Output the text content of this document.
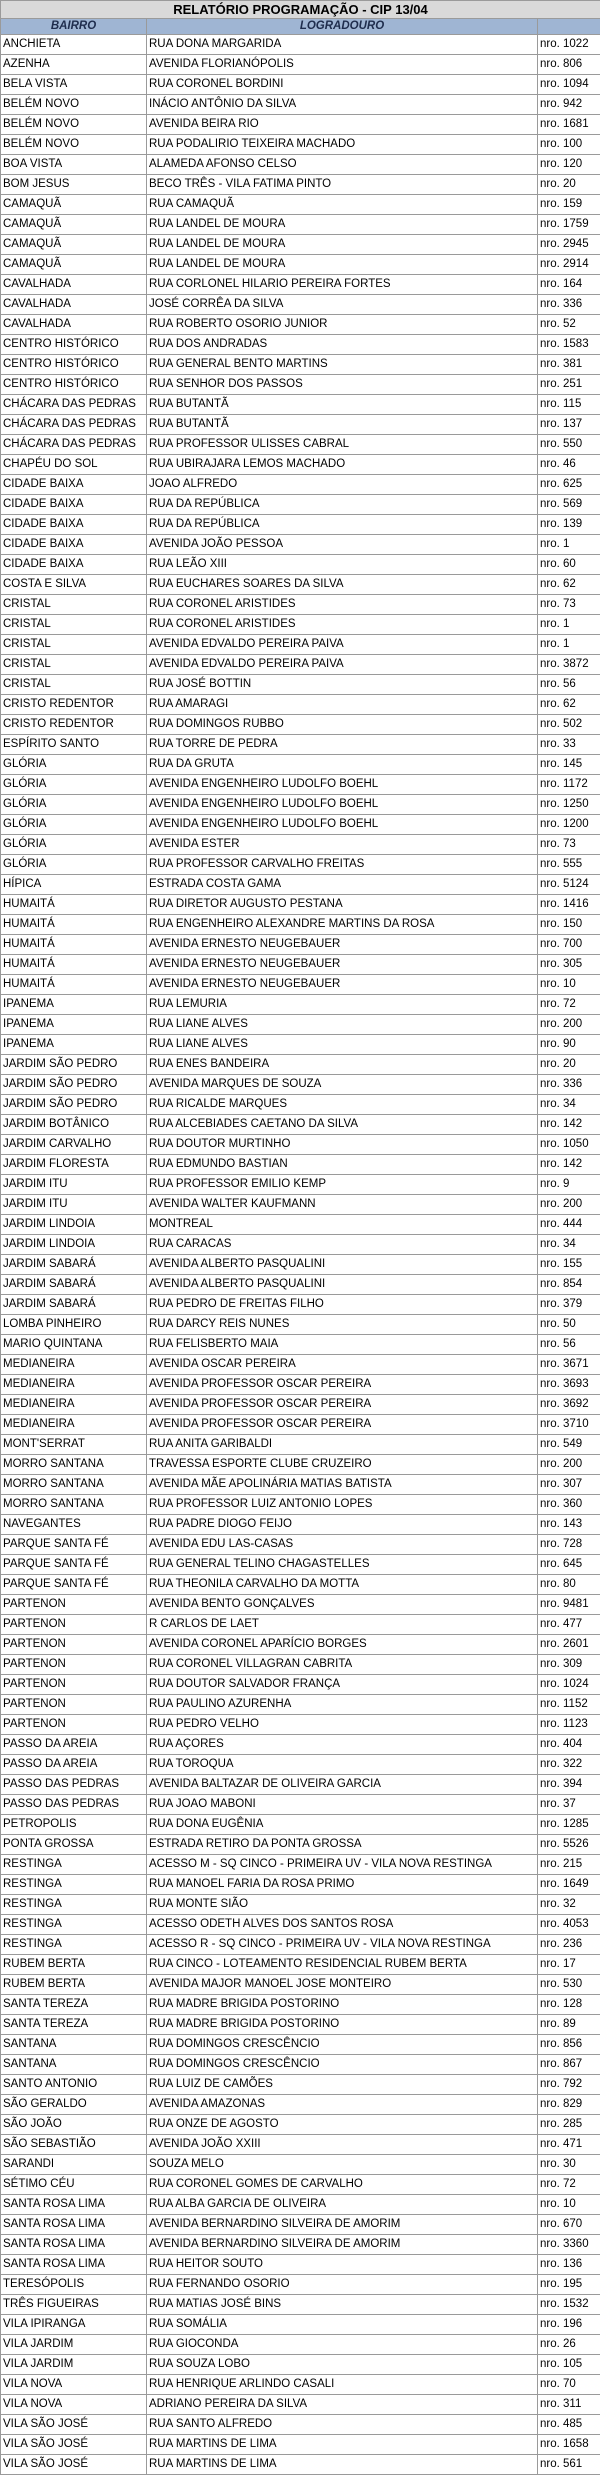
RELATÓRIO PROGRAMAÇÃO - CIP 13/04		
BAIRRO	LOGRADOURO	
ANCHIETA	RUA DONA MARGARIDA	nro. 1022
AZENHA	AVENIDA FLORIANÓPOLIS	nro. 806
BELA VISTA	RUA CORONEL BORDINI	nro. 1094
BELÉM NOVO	INÁCIO ANTÔNIO DA SILVA	nro. 942
BELÉM NOVO	AVENIDA BEIRA RIO	nro. 1681
BELÉM NOVO	RUA PODALIRIO TEIXEIRA MACHADO	nro. 100
BOA VISTA	ALAMEDA AFONSO CELSO	nro. 120
BOM JESUS	BECO TRÊS - VILA FATIMA PINTO	nro. 20
CAMAQUÃ	RUA CAMAQUÃ	nro. 159
CAMAQUÃ	RUA LANDEL DE MOURA	nro. 1759
CAMAQUÃ	RUA LANDEL DE MOURA	nro. 2945
CAMAQUÃ	RUA LANDEL DE MOURA	nro. 2914
CAVALHADA	RUA CORLONEL HILARIO PEREIRA FORTES	nro. 164
CAVALHADA	JOSÉ CORRÊA DA SILVA	nro. 336
CAVALHADA	RUA ROBERTO OSORIO JUNIOR	nro. 52
CENTRO HISTÓRICO	RUA DOS ANDRADAS	nro. 1583
CENTRO HISTÓRICO	RUA GENERAL BENTO MARTINS	nro. 381
CENTRO HISTÓRICO	RUA SENHOR DOS PASSOS	nro. 251
CHÁCARA DAS PEDRAS	RUA BUTANTÃ	nro. 115
CHÁCARA DAS PEDRAS	RUA BUTANTÃ	nro. 137
CHÁCARA DAS PEDRAS	RUA PROFESSOR ULISSES CABRAL	nro. 550
CHAPÉU DO SOL	RUA UBIRAJARA LEMOS MACHADO	nro. 46
CIDADE BAIXA	JOAO ALFREDO	nro. 625
CIDADE BAIXA	RUA DA REPÚBLICA	nro. 569
CIDADE BAIXA	RUA DA REPÚBLICA	nro. 139
CIDADE BAIXA	AVENIDA JOÃO PESSOA	nro. 1
CIDADE BAIXA	RUA LEÃO XIII	nro. 60
COSTA E SILVA	RUA EUCHARES SOARES DA SILVA	nro. 62
CRISTAL	RUA CORONEL ARISTIDES	nro. 73
CRISTAL	RUA CORONEL ARISTIDES	nro. 1
CRISTAL	AVENIDA EDVALDO PEREIRA PAIVA	nro. 1
CRISTAL	AVENIDA EDVALDO PEREIRA PAIVA	nro. 3872
CRISTAL	RUA JOSÉ BOTTIN	nro. 56
CRISTO REDENTOR	RUA AMARAGI	nro. 62
CRISTO REDENTOR	RUA DOMINGOS RUBBO	nro. 502
ESPÍRITO SANTO	RUA TORRE DE PEDRA	nro. 33
GLÓRIA	RUA DA GRUTA	nro. 145
GLÓRIA	AVENIDA ENGENHEIRO LUDOLFO BOEHL	nro. 1172
GLÓRIA	AVENIDA ENGENHEIRO LUDOLFO BOEHL	nro. 1250
GLÓRIA	AVENIDA ENGENHEIRO LUDOLFO BOEHL	nro. 1200
GLÓRIA	AVENIDA ESTER	nro. 73
GLÓRIA	RUA PROFESSOR CARVALHO FREITAS	nro. 555
HÍPICA	ESTRADA COSTA GAMA	nro. 5124
HUMAITÁ	RUA DIRETOR AUGUSTO PESTANA	nro. 1416
HUMAITÁ	RUA ENGENHEIRO ALEXANDRE MARTINS DA ROSA	nro. 150
HUMAITÁ	AVENIDA ERNESTO NEUGEBAUER	nro. 700
HUMAITÁ	AVENIDA ERNESTO NEUGEBAUER	nro. 305
HUMAITÁ	AVENIDA ERNESTO NEUGEBAUER	nro. 10
IPANEMA	RUA LEMURIA	nro. 72
IPANEMA	RUA LIANE ALVES	nro. 200
IPANEMA	RUA LIANE ALVES	nro. 90
JARDIM SÃO PEDRO	RUA ENES BANDEIRA	nro. 20
JARDIM SÃO PEDRO	AVENIDA MARQUES DE SOUZA	nro. 336
JARDIM SÃO PEDRO	RUA RICALDE MARQUES	nro. 34
JARDIM BOTÂNICO	RUA ALCEBIADES CAETANO DA SILVA	nro. 142
JARDIM CARVALHO	RUA DOUTOR MURTINHO	nro. 1050
JARDIM FLORESTA	RUA EDMUNDO BASTIAN	nro. 142
JARDIM ITU	RUA PROFESSOR EMILIO KEMP	nro. 9
JARDIM ITU	AVENIDA WALTER KAUFMANN	nro. 200
JARDIM LINDOIA	MONTREAL	nro. 444
JARDIM LINDOIA	RUA CARACAS	nro. 34
JARDIM SABARÁ	AVENIDA ALBERTO PASQUALINI	nro. 155
JARDIM SABARÁ	AVENIDA ALBERTO PASQUALINI	nro. 854
JARDIM SABARÁ	RUA PEDRO DE FREITAS FILHO	nro. 379
LOMBA PINHEIRO	RUA DARCY REIS NUNES	nro. 50
MARIO QUINTANA	RUA FELISBERTO MAIA	nro. 56
MEDIANEIRA	AVENIDA OSCAR PEREIRA	nro. 3671
MEDIANEIRA	AVENIDA PROFESSOR OSCAR PEREIRA	nro. 3693
MEDIANEIRA	AVENIDA PROFESSOR OSCAR PEREIRA	nro. 3692
MEDIANEIRA	AVENIDA PROFESSOR OSCAR PEREIRA	nro. 3710
MONT'SERRAT	RUA ANITA GARIBALDI	nro. 549
MORRO SANTANA	TRAVESSA ESPORTE CLUBE CRUZEIRO	nro. 200
MORRO SANTANA	AVENIDA MÃE APOLINÁRIA MATIAS BATISTA	nro. 307
MORRO SANTANA	RUA PROFESSOR LUIZ ANTONIO LOPES	nro. 360
NAVEGANTES	RUA PADRE DIOGO FEIJO	nro. 143
PARQUE SANTA FÉ	AVENIDA EDU LAS-CASAS	nro. 728
PARQUE SANTA FÉ	RUA GENERAL TELINO CHAGASTELLES	nro. 645
PARQUE SANTA FÉ	RUA THEONILA CARVALHO DA MOTTA	nro. 80
PARTENON	AVENIDA BENTO GONÇALVES	nro. 9481
PARTENON	R CARLOS DE LAET	nro. 477
PARTENON	AVENIDA CORONEL APARÍCIO BORGES	nro. 2601
PARTENON	RUA CORONEL VILLAGRAN CABRITA	nro. 309
PARTENON	RUA DOUTOR SALVADOR FRANÇA	nro. 1024
PARTENON	RUA PAULINO AZURENHA	nro. 1152
PARTENON	RUA PEDRO VELHO	nro. 1123
PASSO DA AREIA	RUA AÇORES	nro. 404
PASSO DA AREIA	RUA TOROQUA	nro. 322
PASSO DAS PEDRAS	AVENIDA BALTAZAR DE OLIVEIRA GARCIA	nro. 394
PASSO DAS PEDRAS	RUA JOAO MABONI	nro. 37
PETROPOLIS	RUA DONA EUGÊNIA	nro. 1285
PONTA GROSSA	ESTRADA RETIRO DA PONTA GROSSA	nro. 5526
RESTINGA	ACESSO M - SQ CINCO - PRIMEIRA UV - VILA NOVA RESTINGA	nro. 215
RESTINGA	RUA MANOEL FARIA DA ROSA PRIMO	nro. 1649
RESTINGA	RUA MONTE SIÃO	nro. 32
RESTINGA	ACESSO ODETH ALVES DOS SANTOS ROSA	nro. 4053
RESTINGA	ACESSO R - SQ CINCO - PRIMEIRA UV - VILA NOVA RESTINGA	nro. 236
RUBEM BERTA	RUA CINCO - LOTEAMENTO RESIDENCIAL RUBEM BERTA	nro. 17
RUBEM BERTA	AVENIDA MAJOR MANOEL JOSE MONTEIRO	nro. 530
SANTA TEREZA	RUA MADRE BRIGIDA POSTORINO	nro. 128
SANTA TEREZA	RUA MADRE BRIGIDA POSTORINO	nro. 89
SANTANA	RUA DOMINGOS CRESCÊNCIO	nro. 856
SANTANA	RUA DOMINGOS CRESCÊNCIO	nro. 867
SANTO ANTONIO	RUA LUIZ DE CAMÕES	nro. 792
SÃO GERALDO	AVENIDA AMAZONAS	nro. 829
SÃO JOÃO	RUA ONZE DE AGOSTO	nro. 285
SÃO SEBASTIÃO	AVENIDA JOÃO XXIII	nro. 471
SARANDI	SOUZA MELO	nro. 30
SÉTIMO CÉU	RUA CORONEL GOMES DE CARVALHO	nro. 72
SANTA ROSA LIMA	RUA ALBA GARCIA DE OLIVEIRA	nro. 10
SANTA ROSA LIMA	AVENIDA BERNARDINO SILVEIRA DE AMORIM	nro. 670
SANTA ROSA LIMA	AVENIDA BERNARDINO SILVEIRA DE AMORIM	nro. 3360
SANTA ROSA LIMA	RUA HEITOR SOUTO	nro. 136
TERESÓPOLIS	RUA FERNANDO OSORIO	nro. 195
TRÊS FIGUEIRAS	RUA MATIAS JOSÉ BINS	nro. 1532
VILA IPIRANGA	RUA SOMÁLIA	nro. 196
VILA JARDIM	RUA GIOCONDA	nro. 26
VILA JARDIM	RUA SOUZA LOBO	nro. 105
VILA NOVA	RUA HENRIQUE ARLINDO CASALI	nro. 70
VILA NOVA	ADRIANO PEREIRA DA SILVA	nro. 311
VILA SÃO JOSÉ	RUA SANTO ALFREDO	nro. 485
VILA SÃO JOSÉ	RUA MARTINS DE LIMA	nro. 1658
VILA SÃO JOSÉ	RUA MARTINS DE LIMA	nro. 561
